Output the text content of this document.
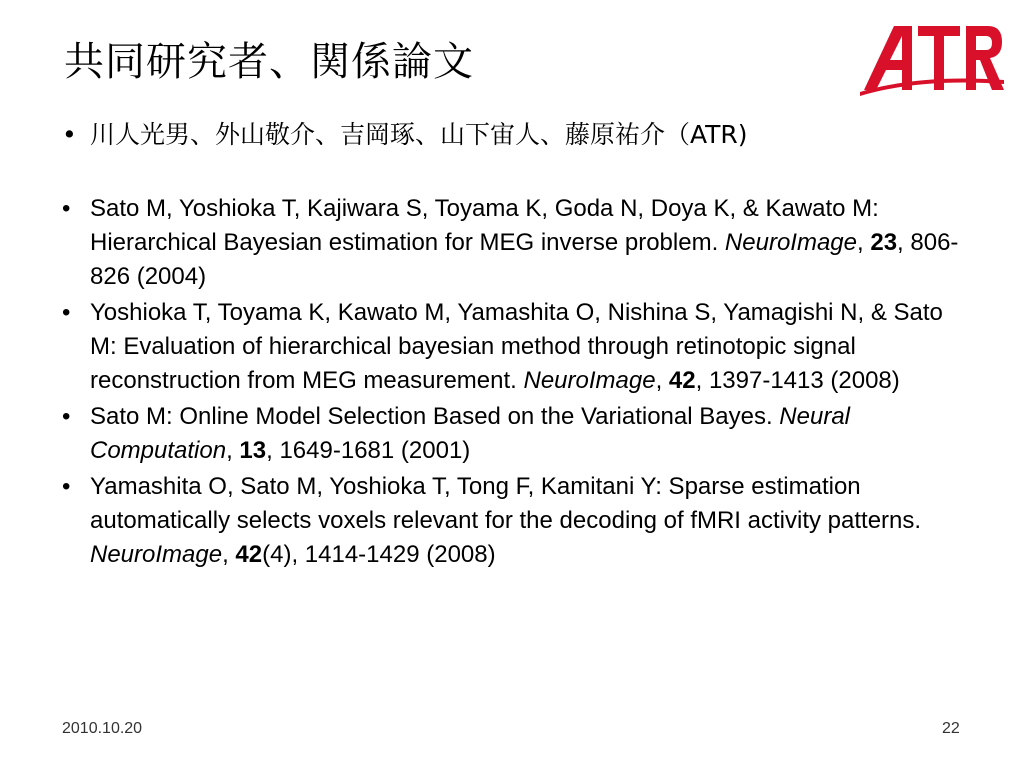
共同研究者、関係論文
• 川人光男、外山敬介、吉岡琢、山下宙人、藤原祐介（ATR)
• Sato M, Yoshioka T, Kajiwara S, Toyama K, Goda N, Doya K, & Kawato M: Hierarchical Bayesian estimation for MEG inverse problem. NeuroImage, 23, 806-826 (2004)
• Yoshioka T, Toyama K, Kawato M, Yamashita O, Nishina S, Yamagishi N, & Sato M: Evaluation of hierarchical bayesian method through retinotopic signal reconstruction from MEG measurement. NeuroImage, 42, 1397-1413 (2008)
• Sato M: Online Model Selection Based on the Variational Bayes. Neural Computation, 13, 1649-1681 (2001)
• Yamashita O, Sato M, Yoshioka T, Tong F, Kamitani Y: Sparse estimation automatically selects voxels relevant for the decoding of fMRI activity patterns. NeuroImage, 42(4), 1414-1429 (2008)
2010.10.20	22
